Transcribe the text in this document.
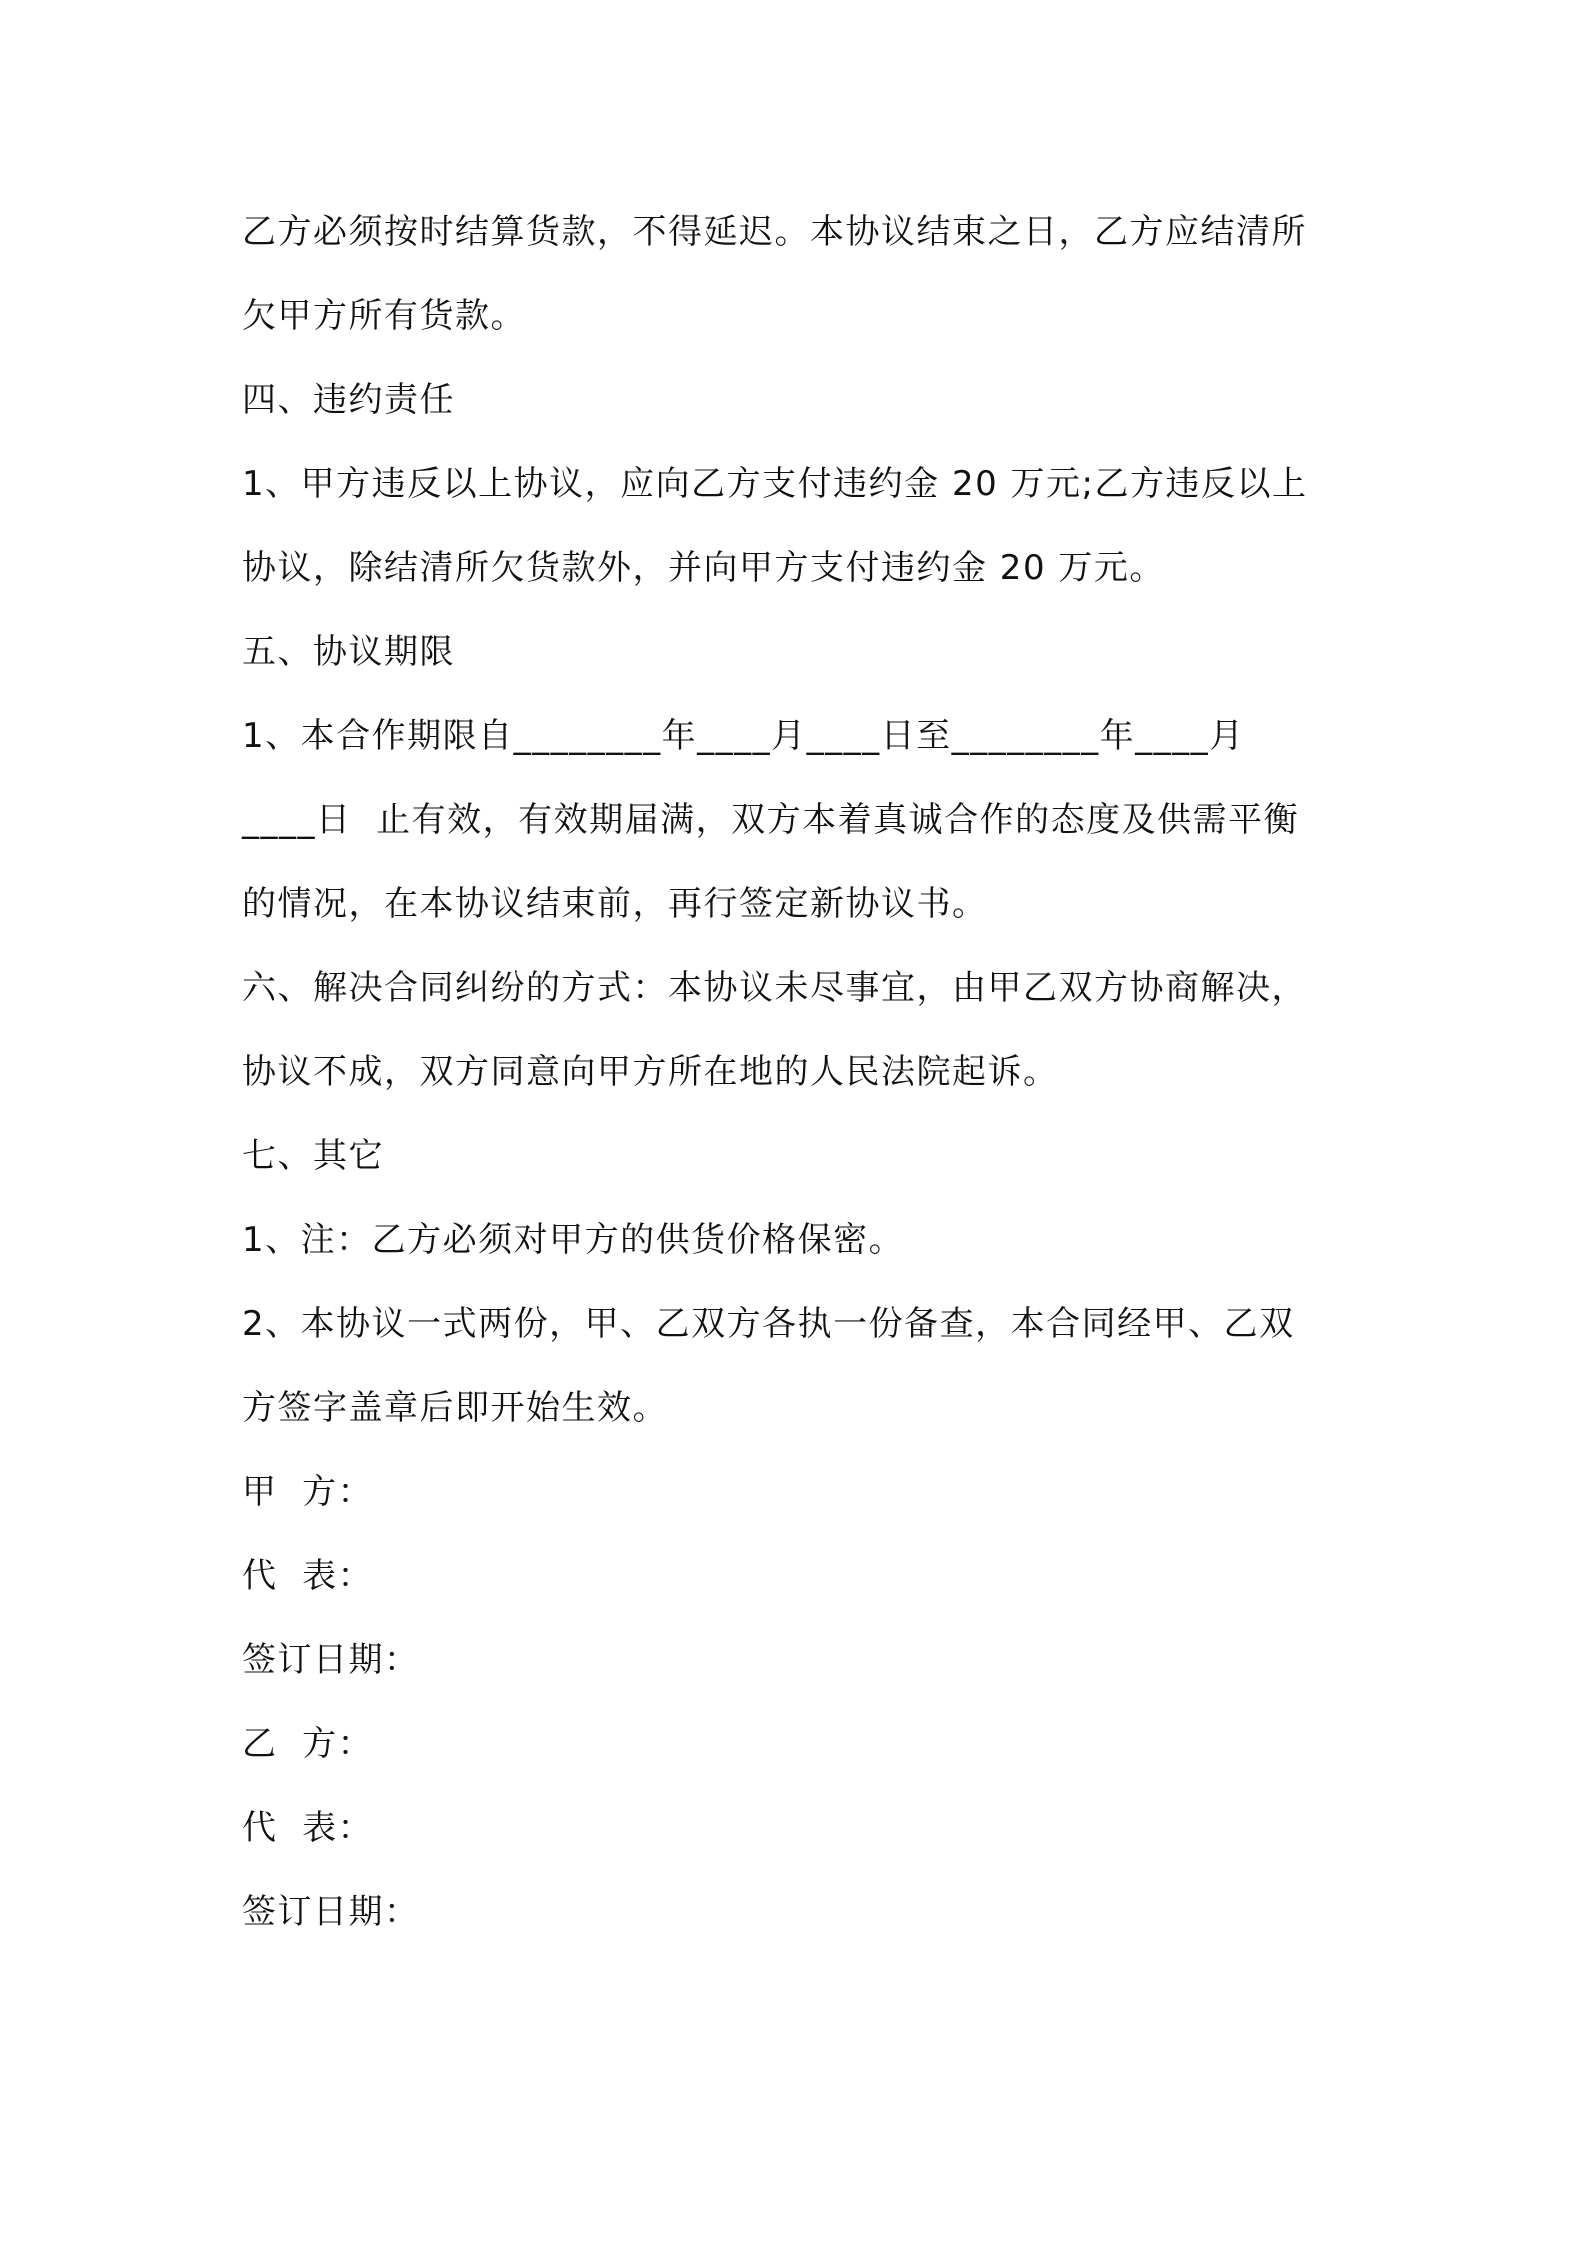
乙方必须按时结算货款，不得延迟。本协议结束之日，乙方应结清所
欠甲方所有货款。
四、违约责任
1、甲方违反以上协议，应向乙方支付违约金 20 万元;乙方违反以上
协议，除结清所欠货款外，并向甲方支付违约金 20 万元。
五、协议期限
1、本合作期限自________年____月____日至________年____月
____日  止有效，有效期届满，双方本着真诚合作的态度及供需平衡
的情况，在本协议结束前，再行签定新协议书。
六、解决合同纠纷的方式：本协议未尽事宜，由甲乙双方协商解决，
协议不成，双方同意向甲方所在地的人民法院起诉。
七、其它
1、注：乙方必须对甲方的供货价格保密。
2、本协议一式两份，甲、乙双方各执一份备查，本合同经甲、乙双
方签字盖章后即开始生效。
甲  方：
代  表：
签订日期：
乙  方：
代  表：
签订日期：
